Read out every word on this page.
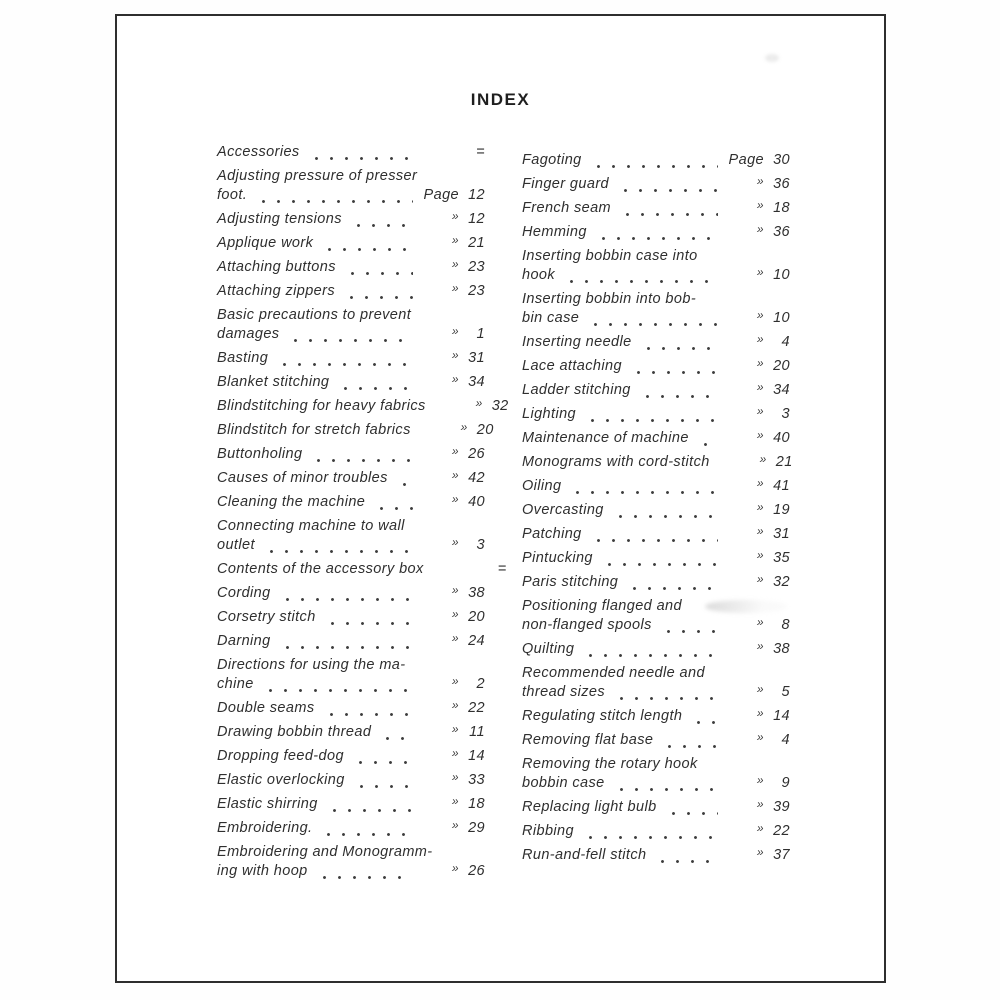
INDEX
Accessories	=
Adjusting pressure of presser
foot.	Page 12
Adjusting tensions	» 12
Applique work	» 21
Attaching buttons	» 23
Attaching zippers	» 23
Basic precautions to prevent
damages	»	1
Basting	» 31
Blanket stitching	» 34
Blindstitching for heavy fabrics	» 32
Blindstitch for stretch fabrics	» 20
Buttonholing	» 26
Causes of minor troubles	» 42
Cleaning the machine	» 40
Connecting machine to wall
outlet	»	3
Contents of the accessory box	=
Cording	» 38
Corsetry stitch	» 20
Darning	» 24
Directions for using the ma-
chine	»	2
Double seams	» 22
Drawing bobbin thread	» 11
Dropping feed-dog	» 14
Elastic overlocking	» 33
Elastic shirring	» 18
Embroidering.	» 29
Embroidering and Monogramm-
ing with hoop	» 26
Fagoting	Page 30
Finger guard	» 36
French seam	» 18
Hemming	» 36
Inserting bobbin case into
hook	» 10
Inserting bobbin into bob-
bin case	» 10
Inserting needle	»	4
Lace attaching	» 20
Ladder stitching	» 34
Lighting	»	3
Maintenance of machine	» 40
Monograms with cord-stitch	» 21
Oiling	» 41
Overcasting	» 19
Patching	» 31
Pintucking	» 35
Paris stitching	» 32
Positioning flanged and
non-flanged spools	»	8
Quilting	» 38
Recommended needle and
thread sizes	»	5
Regulating stitch length	» 14
Removing flat base	»	4
Removing the rotary hook
bobbin case	»	9
Replacing light bulb	» 39
Ribbing	» 22
Run-and-fell stitch	» 37
